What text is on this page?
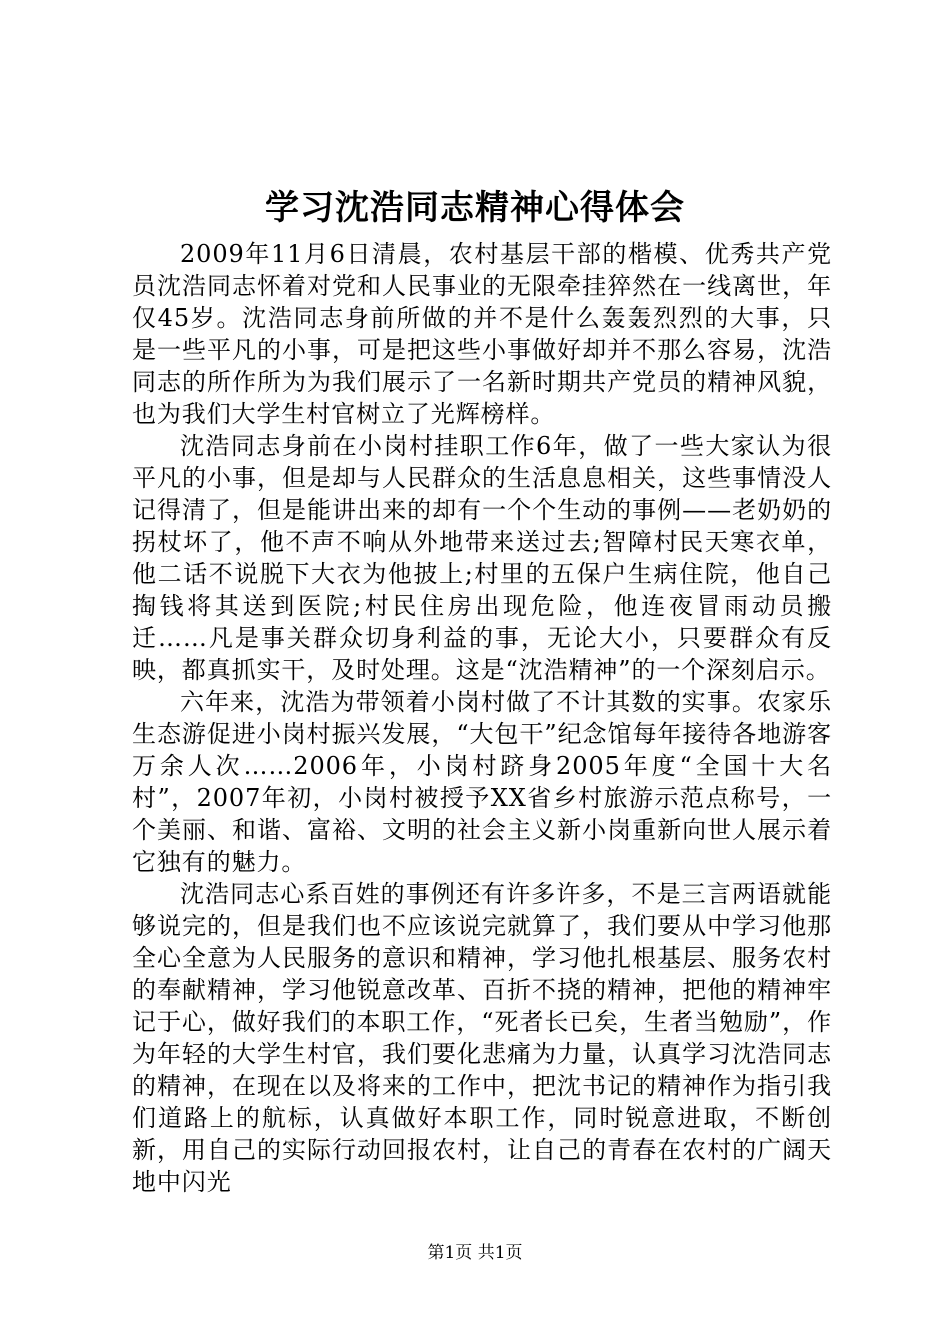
学习沈浩同志精神心得体会

2009年11月6日清晨，农村基层干部的楷模、优秀共产党员沈浩同志怀着对党和人民事业的无限牵挂猝然在一线离世，年仅45岁。沈浩同志身前所做的并不是什么轰轰烈烈的大事，只是一些平凡的小事，可是把这些小事做好却并不那么容易，沈浩同志的所作所为为我们展示了一名新时期共产党员的精神风貌，也为我们大学生村官树立了光辉榜样。

沈浩同志身前在小岗村挂职工作6年，做了一些大家认为很平凡的小事，但是却与人民群众的生活息息相关，这些事情没人记得清了，但是能讲出来的却有一个个生动的事例——老奶奶的拐杖坏了，他不声不响从外地带来送过去;智障村民天寒衣单，他二话不说脱下大衣为他披上;村里的五保户生病住院，他自己掏钱将其送到医院;村民住房出现危险，他连夜冒雨动员搬迁……凡是事关群众切身利益的事，无论大小，只要群众有反映，都真抓实干，及时处理。这是“沈浩精神”的一个深刻启示。

六年来，沈浩为带领着小岗村做了不计其数的实事。农家乐生态游促进小岗村振兴发展，“大包干”纪念馆每年接待各地游客万余人次……2006年，小岗村跻身2005年度“全国十大名村”，2007年初，小岗村被授予XX省乡村旅游示范点称号，一个美丽、和谐、富裕、文明的社会主义新小岗重新向世人展示着它独有的魅力。

沈浩同志心系百姓的事例还有许多许多，不是三言两语就能够说完的，但是我们也不应该说完就算了，我们要从中学习他那全心全意为人民服务的意识和精神，学习他扎根基层、服务农村的奉献精神，学习他锐意改革、百折不挠的精神，把他的精神牢记于心，做好我们的本职工作，“死者长已矣，生者当勉励”，作为年轻的大学生村官，我们要化悲痛为力量，认真学习沈浩同志的精神，在现在以及将来的工作中，把沈书记的精神作为指引我们道路上的航标，认真做好本职工作，同时锐意进取，不断创新，用自己的实际行动回报农村，让自己的青春在农村的广阔天地中闪光

第1页 共1页
